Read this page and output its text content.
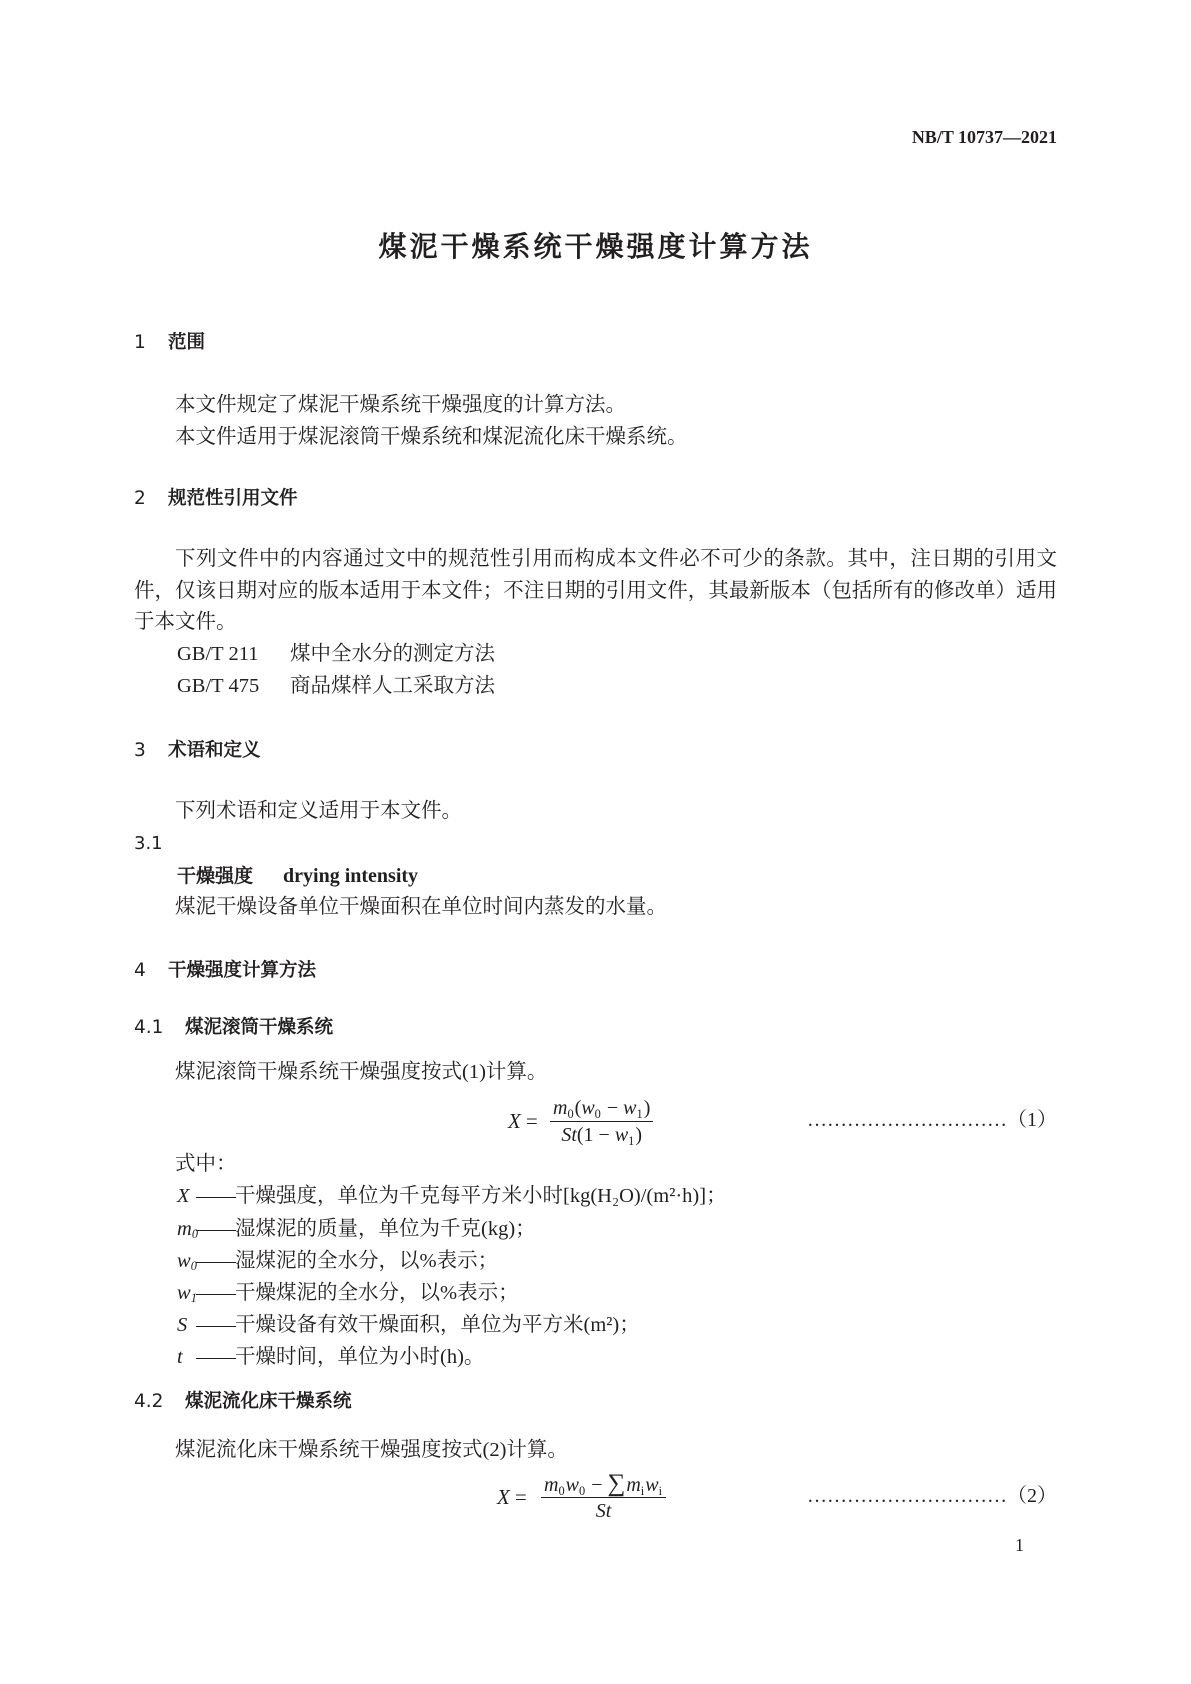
NB/T 10737—2021
煤泥干燥系统干燥强度计算方法
1 范围

本文件规定了煤泥干燥系统干燥强度的计算方法。

本文件适用于煤泥滚筒干燥系统和煤泥流化床干燥系统。

2 规范性引用文件

下列文件中的内容通过文中的规范性引用而构成本文件必不可少的条款。其中，注日期的引用文件，仅该日期对应的版本适用于本文件；不注日期的引用文件，其最新版本（包括所有的修改单）适用于本文件。

GB/T 211 煤中全水分的测定方法
GB/T 475 商品煤样人工采取方法
3 术语和定义

下列术语和定义适用于本文件。

3.1
干燥强度 drying intensity

煤泥干燥设备单位干燥面积在单位时间内蒸发的水量。

4 干燥强度计算方法
4.1 煤泥滚筒干燥系统

煤泥滚筒干燥系统干燥强度按式(1)计算。

X =
$m_0(w_0 - w_1)$
$St(1 - w_1)$
…………………………（1）

式中：

X ——干燥强度，单位为千克每平方米小时[kg(H₂O)/(m²·h)]；
$m_0——$湿煤泥的质量，单位为千克(kg)；
$w_0——$湿煤泥的全水分，以%表示；
$w_1——$干燥煤泥的全水分，以%表示；
S ——干燥设备有效干燥面积，单位为平方米(m²)；
t ——干燥时间，单位为小时(h)。
4.2 煤泥流化床干燥系统

煤泥流化床干燥系统干燥强度按式(2)计算。

$X = m_0w_0 - \sum m_iw_i$
St
…………………………（2）
1
